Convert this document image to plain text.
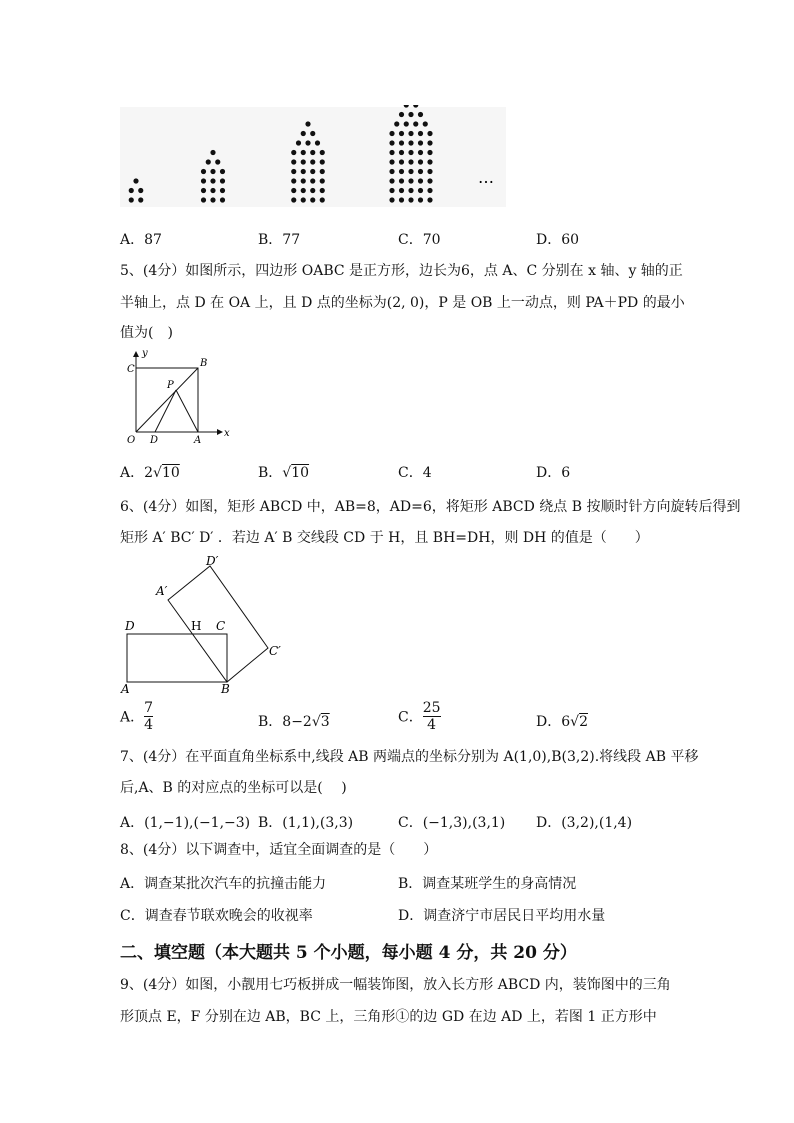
…
A．87	B．77	C．70	D．60
5、(4分）如图所示，四边形 OABC 是正方形，边长为6，点 A、C 分别在 x 轴、y 轴的正
半轴上，点 D 在 OA 上，且 D 点的坐标为(2, 0)，P 是 OB 上一动点，则 PA＋PD 的最小
值为(　)
y
x
C
B
P
O D	A
A．2√10	B．√10	C．4	D．6
6、(4分）如图，矩形 ABCD 中，AB=8，AD=6，将矩形 ABCD 绕点 B 按顺时针方向旋转后得到
矩形 A′ BC′ D′ ．若边 A′ B 交线段 CD 于 H，且 BH=DH，则 DH 的值是（　　）
D′
A′
D	H C
C′
A	B
A． $\frac{7}{4}$	B．8−2√3	C． $\frac{25}{4}$	D．6√2
7、(4分）在平面直角坐标系中,线段 AB 两端点的坐标分别为 A(1,0),B(3,2).将线段 AB 平移
后,A、B 的对应点的坐标可以是(　 )
A．(1,−1),(−1,−3) B．(1,1),(3,3)	C．(−1,3),(3,1) D．(3,2),(1,4)
8、(4分）以下调查中，适宜全面调查的是（　　）
A．调查某批次汽车的抗撞击能力	B．调查某班学生的身高情况
C．调查春节联欢晚会的收视率	D．调查济宁市居民日平均用水量
二、填空题（本大题共 5 个小题，每小题 4 分，共 20 分）
9、(4分）如图，小靓用七巧板拼成一幅装饰图，放入长方形 ABCD 内，装饰图中的三角
形顶点 E，F 分别在边 AB，BC 上，三角形①的边 GD 在边 AD 上，若图 1 正方形中
